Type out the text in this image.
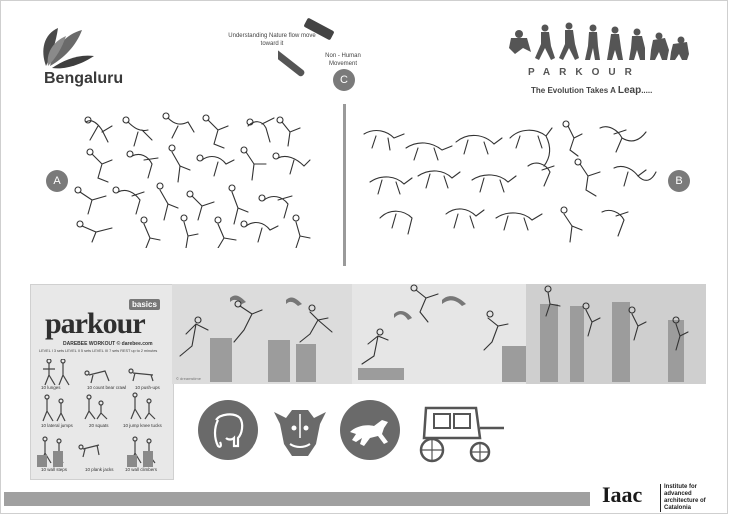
Bengaluru
Understanding Nature flow move toward it
Non - Human Movement
C
PARKOUR
The Evolution Takes A Leap.....
A	B
basics
parkour
DAREBEE WORKOUT © darebee.com
LEVEL I 3 sets LEVEL II 5 sets LEVEL III 7 sets REST up to 2 minutes
10 lunges	10 count bear crawl 10 push-ups
10 lateral jumps	20 squats	10 jump knee tucks
10 wall steps	10 plank jacks	10 wall climbers
© dreamstime
Iaac	Institute for advanced architecture of Catalonia
